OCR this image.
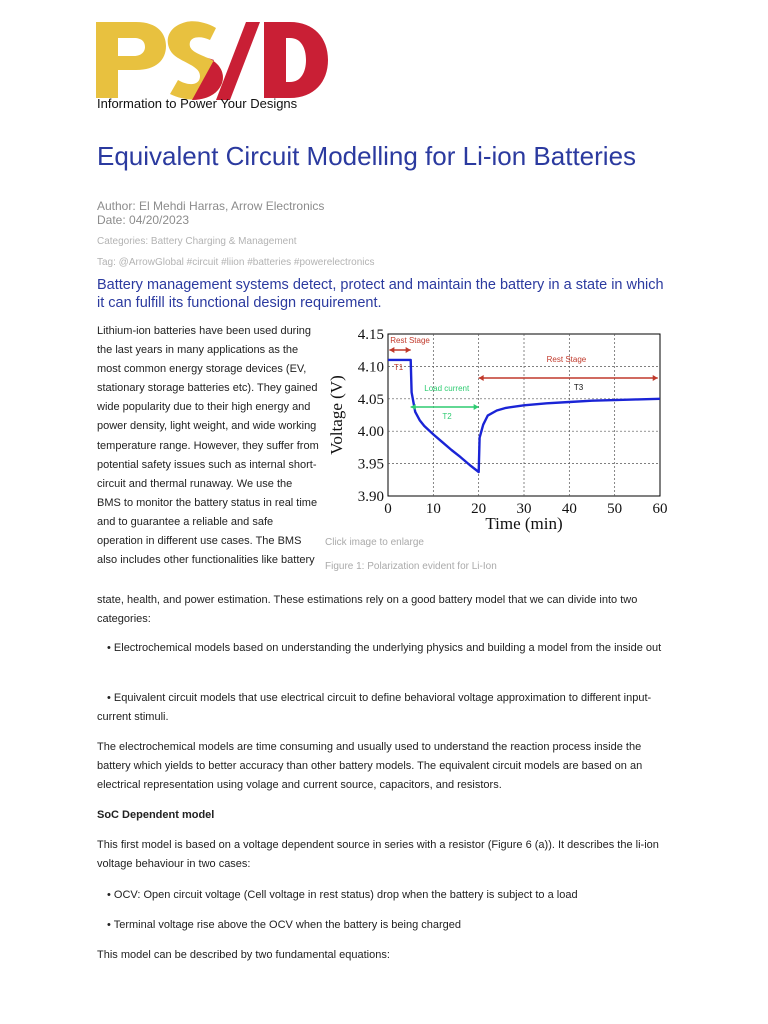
Information to Power Your Designs
Equivalent Circuit Modelling for Li-ion Batteries
Author: El Mehdi Harras, Arrow Electronics
Date: 04/20/2023
Categories: Battery Charging & Management
Tag: @ArrowGlobal #circuit #liion #batteries #powerelectronics

Battery management systems detect, protect and maintain the battery in a state in which it can fulfill its functional design requirement.

Lithium-ion batteries have been used during the last years in many applications as the most common energy storage devices (EV, stationary storage batteries etc). They gained wide popularity due to their high energy and power density, light weight, and wide working temperature range. However, they suffer from potential safety issues such as internal short-circuit and thermal runaway. We use the BMS to monitor the battery status in real time and to guarantee a reliable and safe operation in different use cases. The BMS also includes other functionalities like battery

0 10 20 30 40 50 60
4.15
4.10
4.05
4.00
3.95
3.90
Time (min)
Voltage (V)
Rest Stage
T1
Load current
T2
Rest Stage
T3
Click image to enlarge
Figure 1: Polarization evident for Li-Ion

state, health, and power estimation. These estimations rely on a good battery model that we can divide into two categories:

• Electrochemical models based on understanding the underlying physics and building a model from the inside out

• Equivalent circuit models that use electrical circuit to define behavioral voltage approximation to different input-current stimuli.

The electrochemical models are time consuming and usually used to understand the reaction process inside the battery which yields to better accuracy than other battery models. The equivalent circuit models are based on an electrical representation using volage and current source, capacitors, and resistors.

SoC Dependent model

This first model is based on a voltage dependent source in series with a resistor (Figure 6 (a)). It describes the li-ion voltage behaviour in two cases:

• OCV: Open circuit voltage (Cell voltage in rest status) drop when the battery is subject to a load

• Terminal voltage rise above the OCV when the battery is being charged

This model can be described by two fundamental equations:
